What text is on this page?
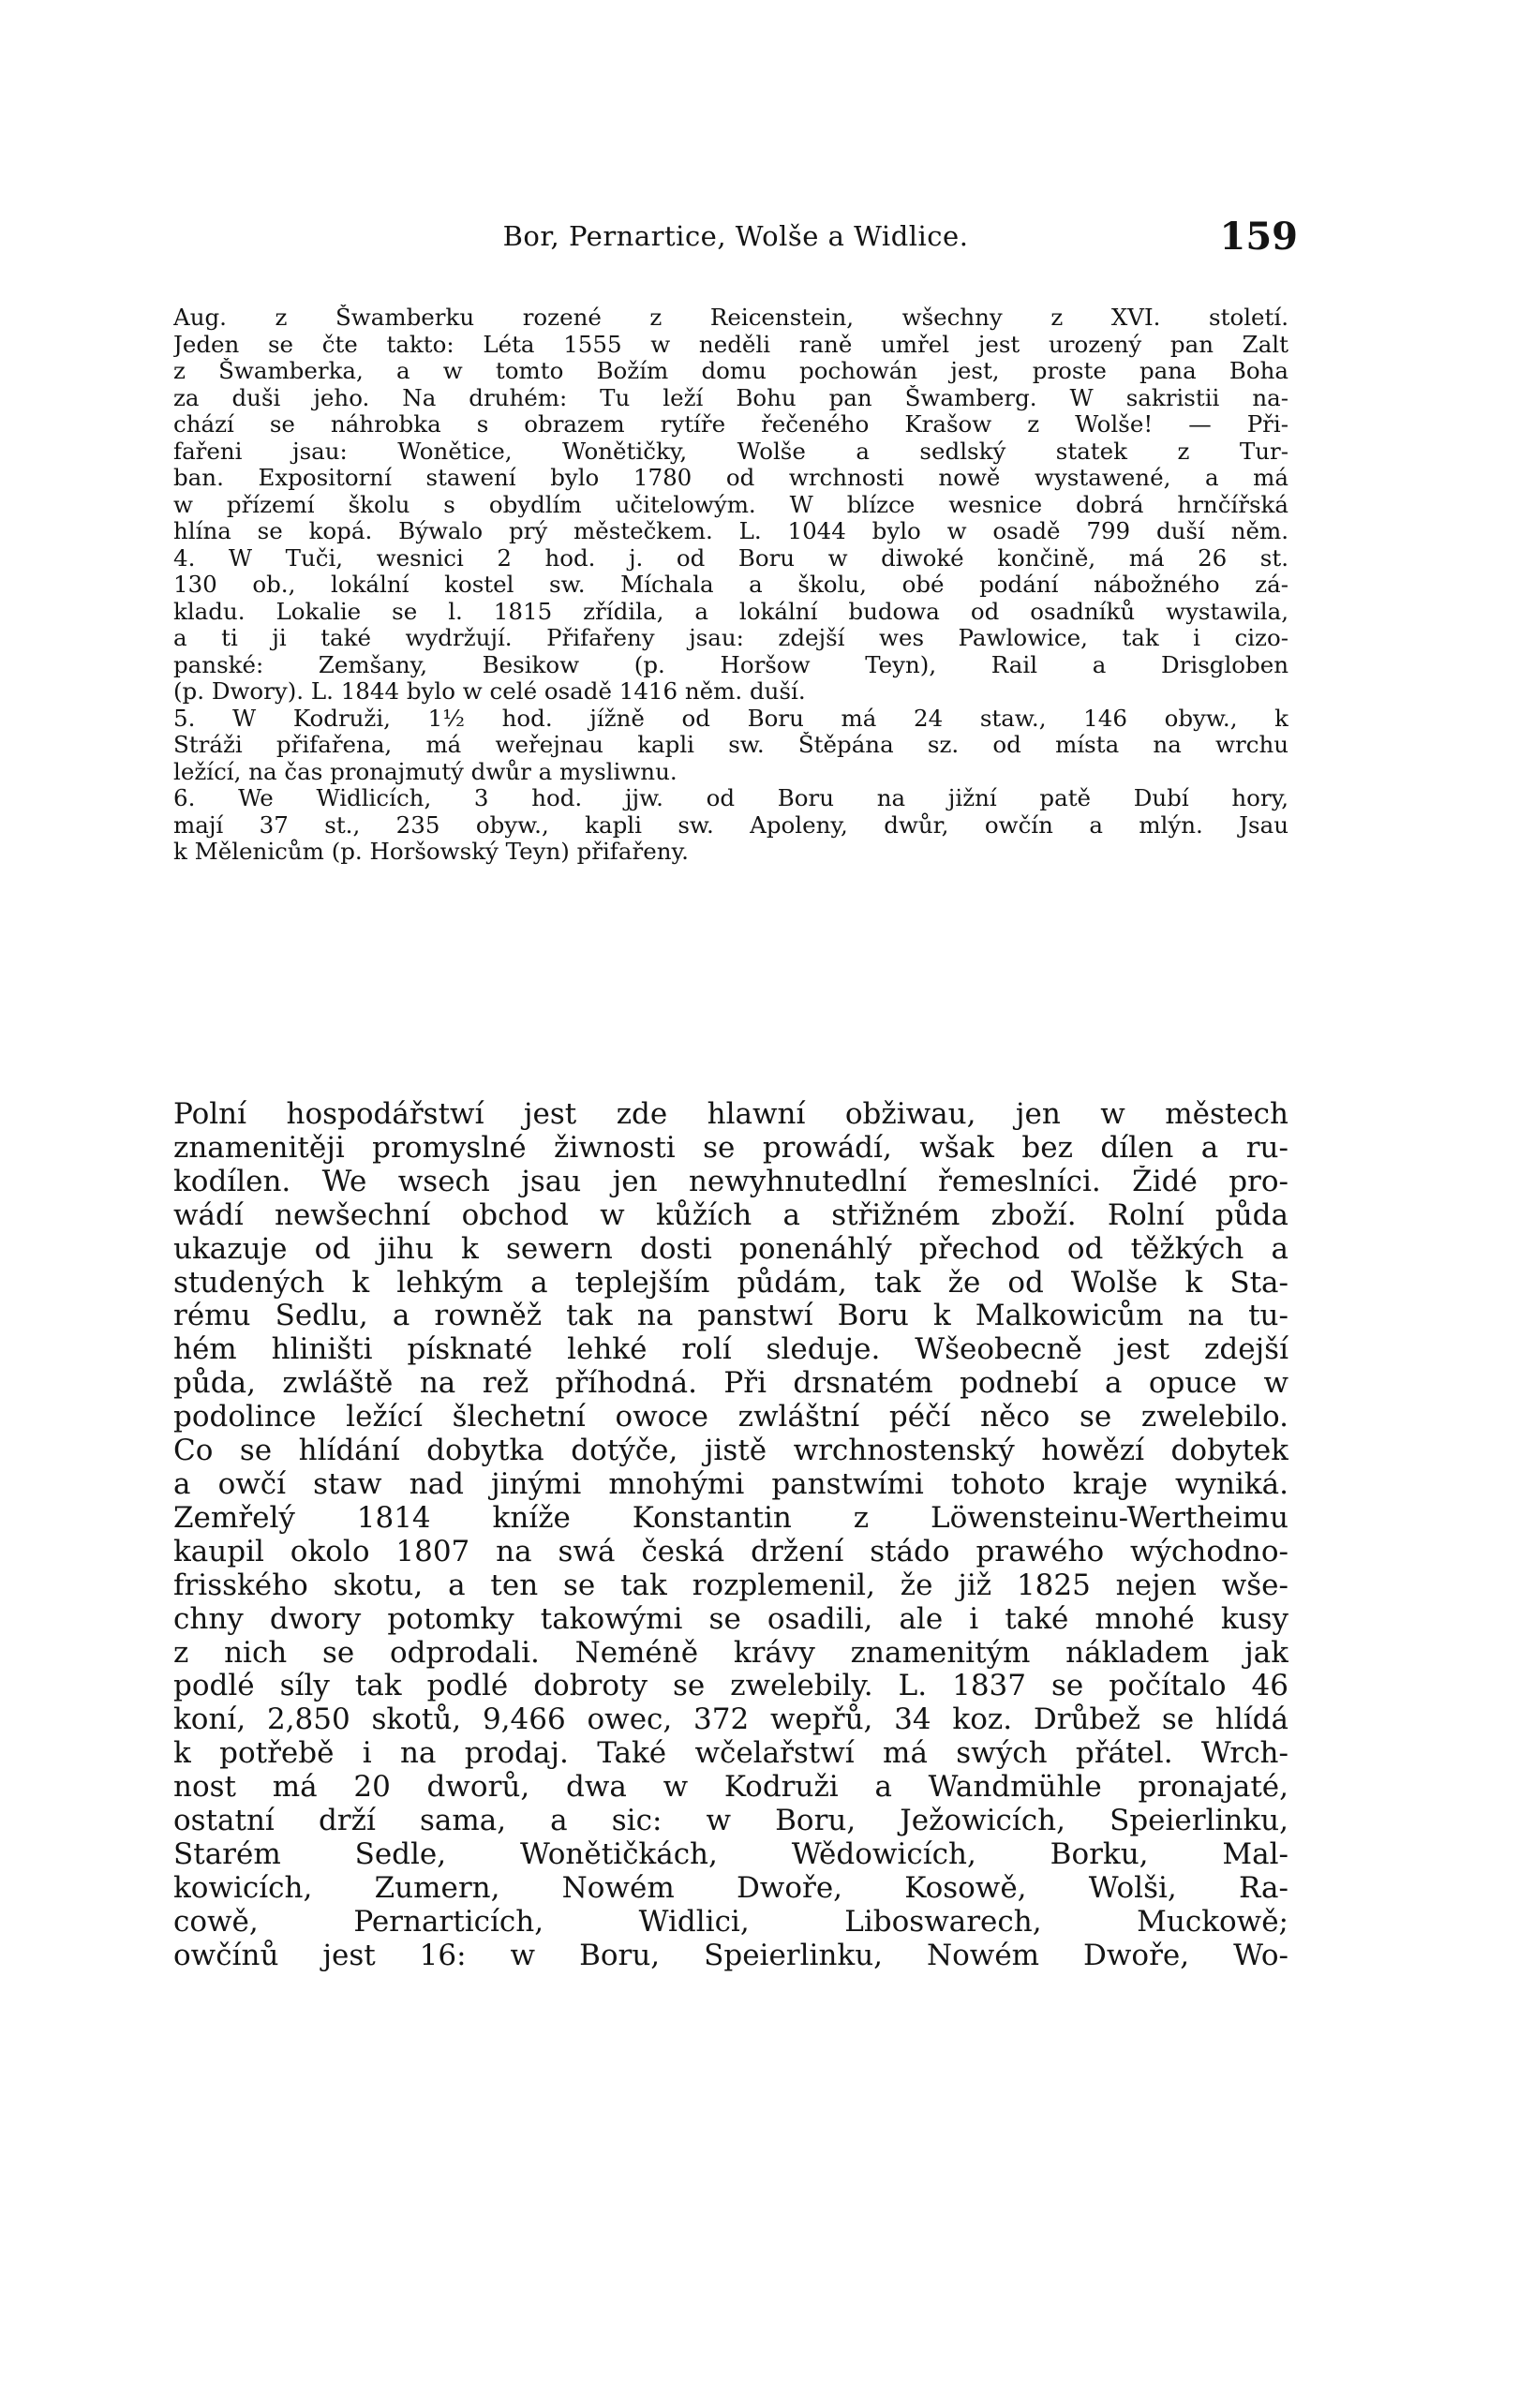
Bor, Pernartice, Wolše a Widlice.	159
Aug. z Šwamberku rozené z Reicenstein, wšechny z XVI. století.
Jeden se čte takto: Léta 1555 w neděli raně umřel jest urozený pan Zalt
z Šwamberka, a w tomto Božím domu pochowán jest, proste pana Boha
za duši jeho. Na druhém: Tu leží Bohu pan Šwamberg. W sakristii na-
chází se náhrobka s obrazem rytíře řečeného Krašow z Wolše! — Při-
fařeni jsau: Wonětice, Wonětičky, Wolše a sedlský statek z Tur-
ban. Expositorní stawení bylo 1780 od wrchnosti nowě wystawené, a má
w přízemí školu s obydlím učitelowým. W blízce wesnice dobrá hrnčířská
hlína se kopá. Býwalo prý městečkem. L. 1044 bylo w osadě 799 duší něm.
4. W Tuči, wesnici 2 hod. j. od Boru w diwoké končině, má 26 st.
130 ob., lokální kostel sw. Míchala a školu, obé podání nábožného zá-
kladu. Lokalie se l. 1815 zřídila, a lokální budowa od osadníků wystawila,
a ti ji také wydržují. Přifařeny jsau: zdejší wes Pawlowice, tak i cizo-
panské: Zemšany, Besikow (p. Horšow Teyn), Rail a Drisgloben
(p. Dwory). L. 1844 bylo w celé osadě 1416 něm. duší.
5. W Kodruži, 1½ hod. jížně od Boru má 24 staw., 146 obyw., k
Stráži přifařena, má weřejnau kapli sw. Štěpána sz. od místa na wrchu
ležící, na čas pronajmutý dwůr a mysliwnu.
6. We Widlicích, 3 hod. jjw. od Boru na jižní patě Dubí hory,
mají 37 st., 235 obyw., kapli sw. Apoleny, dwůr, owčín a mlýn. Jsau
k Mělenicům (p. Horšowský Teyn) přifařeny.
Polní hospodářstwí jest zde hlawní obžiwau, jen w městech
znamenitěji promyslné žiwnosti se prowádí, wšak bez dílen a ru-
kodílen. We wsech jsau jen newyhnutedlní řemeslníci. Židé pro-
wádí newšechní obchod w kůžích a střižném zboží. Rolní půda
ukazuje od jihu k sewern dosti ponenáhlý přechod od těžkých a
studených k lehkým a teplejším půdám, tak že od Wolše k Sta-
rému Sedlu, a rowněž tak na panstwí Boru k Malkowicům na tu-
hém hliništi písknaté lehké rolí sleduje. Wšeobecně jest zdejší
půda, zwláště na rež příhodná. Při drsnatém podnebí a opuce w
podolince ležící šlechetní owoce zwláštní péčí něco se zwelebilo.
Co se hlídání dobytka dotýče, jistě wrchnostenský howězí dobytek
a owčí staw nad jinými mnohými panstwími tohoto kraje wyniká.
Zemřelý 1814 kníže Konstantin z Löwensteinu-Wertheimu
kaupil okolo 1807 na swá česká držení stádo prawého wýchodno-
frisského skotu, a ten se tak rozplemenil, že již 1825 nejen wše-
chny dwory potomky takowými se osadili, ale i také mnohé kusy
z nich se odprodali. Neméně krávy znamenitým nákladem jak
podlé síly tak podlé dobroty se zwelebily. L. 1837 se počítalo 46
koní, 2,850 skotů, 9,466 owec, 372 wepřů, 34 koz. Drůbež se hlídá
k potřebě i na prodaj. Také wčelařstwí má swých přátel. Wrch-
nost má 20 dworů, dwa w Kodruži a Wandmühle pronajaté,
ostatní drží sama, a sic: w Boru, Ježowicích, Speierlinku,
Starém Sedle, Wonětičkách, Wědowicích, Borku, Mal-
kowicích, Zumern, Nowém Dwoře, Kosowě, Wolši, Ra-
cowě, Pernarticích, Widlici, Liboswarech, Muckowě;
owčínů jest 16: w Boru, Speierlinku, Nowém Dwoře, Wo-
